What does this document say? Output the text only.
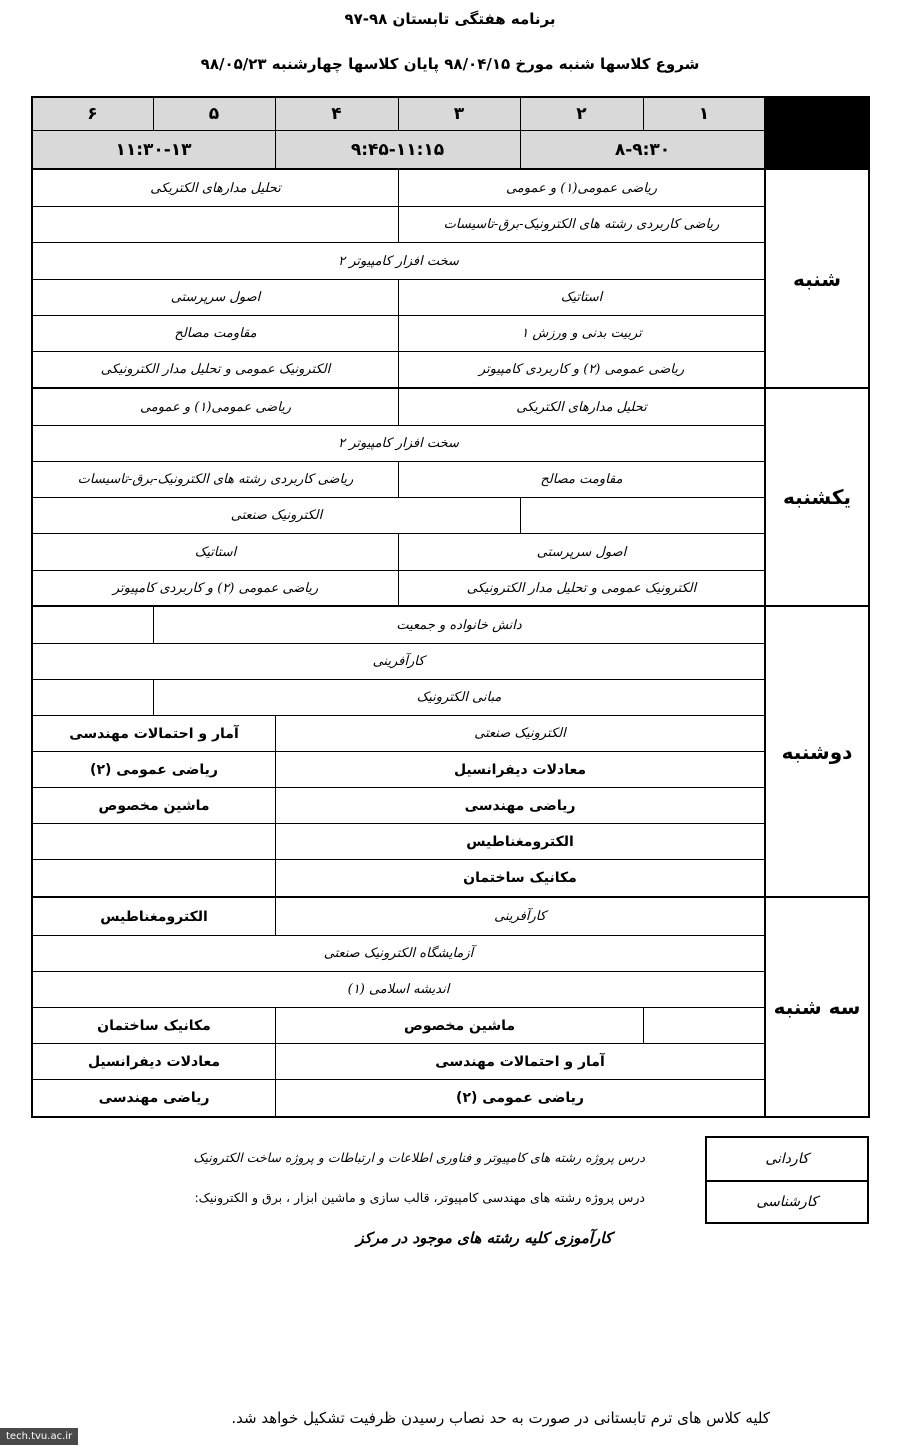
برنامه هفتگی تابستان ۹۸-۹۷
شروع کلاسها شنبه مورخ ۹۸/۰۴/۱۵ پایان کلاسها چهارشنبه ۹۸/۰۵/۲۳
۱
۲
۳
۴
۵
۶
۸-۹:۳۰
۹:۴۵-۱۱:۱۵
۱۱:۳۰-۱۳
شنبه
یکشنبه
دوشنبه
سه شنبه
ریاضی عمومی(۱) و عمومی
تحلیل مدارهای الکتریکی
ریاضی کاربردی رشته های الکترونیک-برق-تاسیسات
سخت افزار کامپیوتر ۲
استاتیک
اصول سرپرستی
تربیت بدنی و ورزش ۱
مقاومت مصالح
ریاضی عمومی (۲) و کاربردی کامپیوتر
الکترونیک عمومی و تحلیل مدار الکترونیکی
تحلیل مدارهای الکتریکی
ریاضی عمومی(۱) و عمومی
سخت افزار کامپیوتر ۲
مقاومت مصالح
ریاضی کاربردی رشته های الکترونیک-برق-تاسیسات
الکترونیک صنعتی
اصول سرپرستی
استاتیک
الکترونیک عمومی و تحلیل مدار الکترونیکی
ریاضی عمومی (۲) و کاربردی کامپیوتر
دانش خانواده و جمعیت
کارآفرینی
مبانی الکترونیک
الکترونیک صنعتی
آمار و احتمالات مهندسی
معادلات دیفرانسیل
ریاضی عمومی (۲)
ریاضی مهندسی
ماشین مخصوص
الکترومغناطیس
مکانیک ساختمان
کارآفرینی
الکترومغناطیس
آزمایشگاه الکترونیک صنعتی
اندیشه اسلامی (۱)
ماشین مخصوص
مکانیک ساختمان
آمار و احتمالات مهندسی
معادلات دیفرانسیل
ریاضی عمومی (۲)
ریاضی مهندسی
کاردانی
کارشناسی
درس پروژه رشته های کامپیوتر و فناوری اطلاعات و ارتباطات و پروژه ساخت الکترونیک
درس پروژه رشته های مهندسی کامپیوتر، قالب سازی و ماشین ابزار ، برق و الکترونیک:
کارآموزی کلیه رشته های موجود در مرکز
کلیه کلاس های ترم تابستانی در صورت به حد نصاب رسیدن ظرفیت تشکیل خواهد شد.
tech.tvu.ac.ir
